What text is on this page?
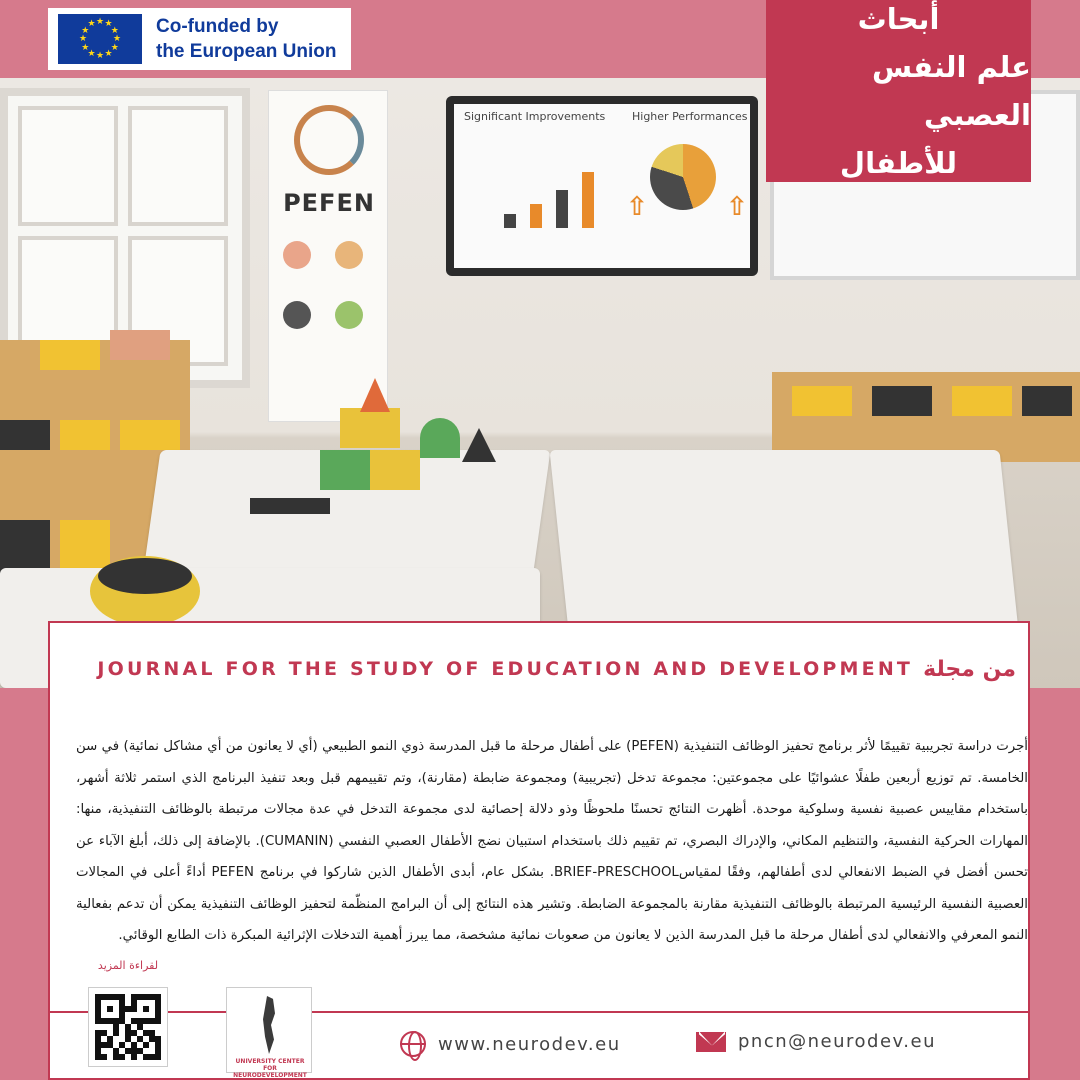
★ ★
★
★
★
★
★
★
★
★
★
★	Co-funded by
the European Union
أبحاث
علم النفس العصبي
للأطفال
PEFEN
Significant Improvements Higher Performances
⇧	⇧
JOURNAL FOR THE STUDY OF EDUCATION AND DEVELOPMENT من مجلة
أجرت دراسة تجريبية تقييمًا لأثر برنامج تحفيز الوظائف التنفيذية (PEFEN) على أطفال مرحلة ما قبل المدرسة ذوي النمو الطبيعي (أي لا يعانون من أي مشاكل نمائية) في سن الخامسة. تم توزيع أربعين طفلًا عشوائيًا على مجموعتين: مجموعة تدخل (تجريبية) ومجموعة ضابطة (مقارنة)، وتم تقييمهم قبل وبعد تنفيذ البرنامج الذي استمر ثلاثة أشهر، باستخدام مقاييس عصبية نفسية وسلوكية موحدة. أظهرت النتائج تحسنًا ملحوظًا وذو دلالة إحصائية لدى مجموعة التدخل في عدة مجالات مرتبطة بالوظائف التنفيذية، منها: المهارات الحركية النفسية، والتنظيم المكاني، والإدراك البصري، تم تقييم ذلك باستخدام استبيان نضج الأطفال العصبي النفسي (CUMANIN). بالإضافة إلى ذلك، أبلغ الآباء عن تحسن أفضل في الضبط الانفعالي لدى أطفالهم، وفقًا لمقياسBRIEF-PRESCHOOL. بشكل عام، أبدى الأطفال الذين شاركوا في برنامج PEFEN أداءً أعلى في المجالات العصبية النفسية الرئيسية المرتبطة بالوظائف التنفيذية مقارنة بالمجموعة الضابطة. وتشير هذه النتائج إلى أن البرامج المنظّمة لتحفيز الوظائف التنفيذية يمكن أن تدعم بفعالية النمو المعرفي والانفعالي لدى أطفال مرحلة ما قبل المدرسة الذين لا يعانون من صعوبات نمائية مشخصة، مما يبرز أهمية التدخلات الإثرائية المبكرة ذات الطابع الوقائي.
لقراءة المزيد
UNIVERSITY CENTER FOR NEURODEVELOPMENT
www.neurodev.eu	pncn@neurodev.eu
